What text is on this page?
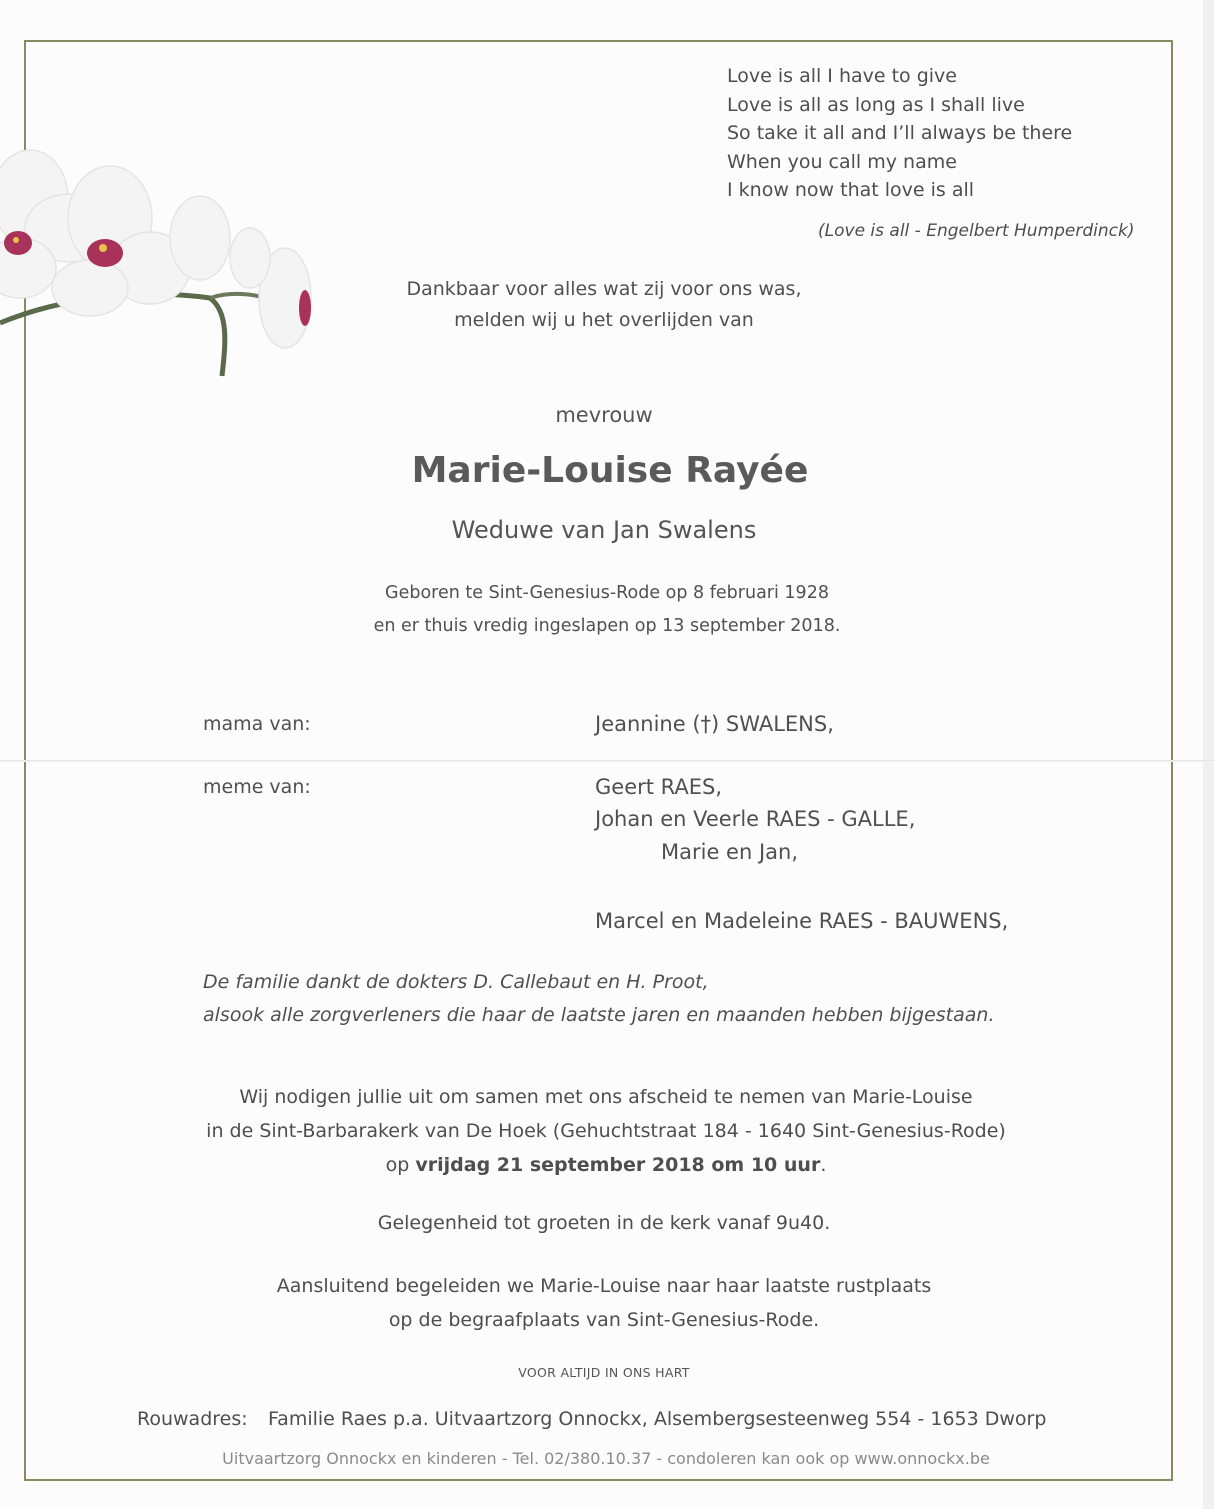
Love is all I have to give
Love is all as long as I shall live
So take it all and I’ll always be there
When you call my name
I know now that love is all
(Love is all - Engelbert Humperdinck)
Dankbaar voor alles wat zij voor ons was,
melden wij u het overlijden van
mevrouw
Marie-Louise Rayée
Weduwe van Jan Swalens
Geboren te Sint-Genesius-Rode op 8 februari 1928
en er thuis vredig ingeslapen op 13 september 2018.
mama van:	Jeannine (†) SWALENS,
meme van:	Geert RAES,
Johan en Veerle RAES - GALLE,
Marie en Jan,
Marcel en Madeleine RAES - BAUWENS,
De familie dankt de dokters D. Callebaut en H. Proot,
alsook alle zorgverleners die haar de laatste jaren en maanden hebben bijgestaan.
Wij nodigen jullie uit om samen met ons afscheid te nemen van Marie-Louise
in de Sint-Barbarakerk van De Hoek (Gehuchtstraat 184 - 1640 Sint-Genesius-Rode)
op vrijdag 21 september 2018 om 10 uur.
Gelegenheid tot groeten in de kerk vanaf 9u40.
Aansluitend begeleiden we Marie-Louise naar haar laatste rustplaats
op de begraafplaats van Sint-Genesius-Rode.
VOOR ALTIJD IN ONS HART
Rouwadres: Familie Raes p.a. Uitvaartzorg Onnockx, Alsembergsesteenweg 554 - 1653 Dworp
Uitvaartzorg Onnockx en kinderen - Tel. 02/380.10.37 - condoleren kan ook op www.onnockx.be
